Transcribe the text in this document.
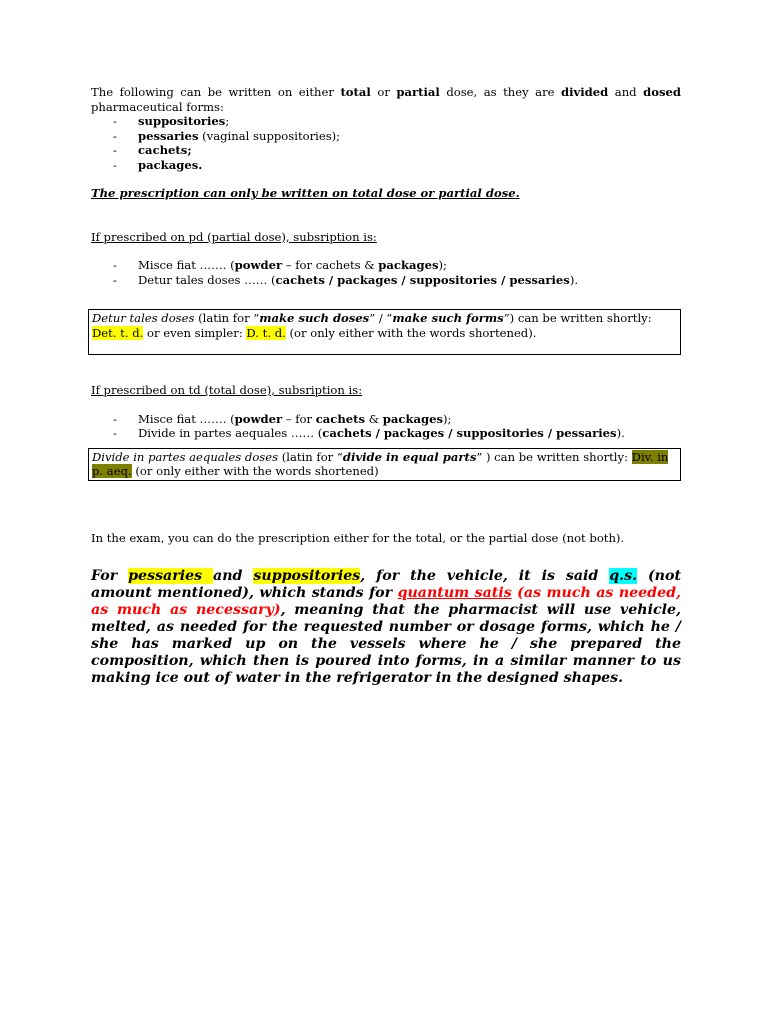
The following can be written on either total or partial dose, as they are divided and dosed pharmaceutical forms:

- suppositories;
- pessaries (vaginal suppositories);
- cachets;
- packages.

The prescription can only be written on total dose or partial dose.

If prescribed on pd (partial dose), subsription is:

- Misce fiat ……. (powder – for cachets & packages);
- Detur tales doses …… (cachets / packages / suppositories / pessaries).
Detur tales doses (latin for “make such doses” / “make such forms”) can be written shortly: Det. t. d. or even simpler: D. t. d. (or only either with the words shortened).

If prescribed on td (total dose), subsription is:

- Misce fiat ……. (powder – for cachets & packages);
- Divide in partes aequales …… (cachets / packages / suppositories / pessaries).
Divide in partes aequales doses (latin for “divide in equal parts” ) can be written shortly: Div. in p. aeq. (or only either with the words shortened)

In the exam, you can do the prescription either for the total, or the partial dose (not both).

For pessaries and suppositories, for the vehicle, it is said q.s. (not amount mentioned), which stands for quantum satis (as much as needed, as much as necessary), meaning that the pharmacist will use vehicle, melted, as needed for the requested number or dosage forms, which he / she has marked up on the vessels where he / she prepared the composition, which then is poured into forms, in a similar manner to us making ice out of water in the refrigerator in the designed shapes.
